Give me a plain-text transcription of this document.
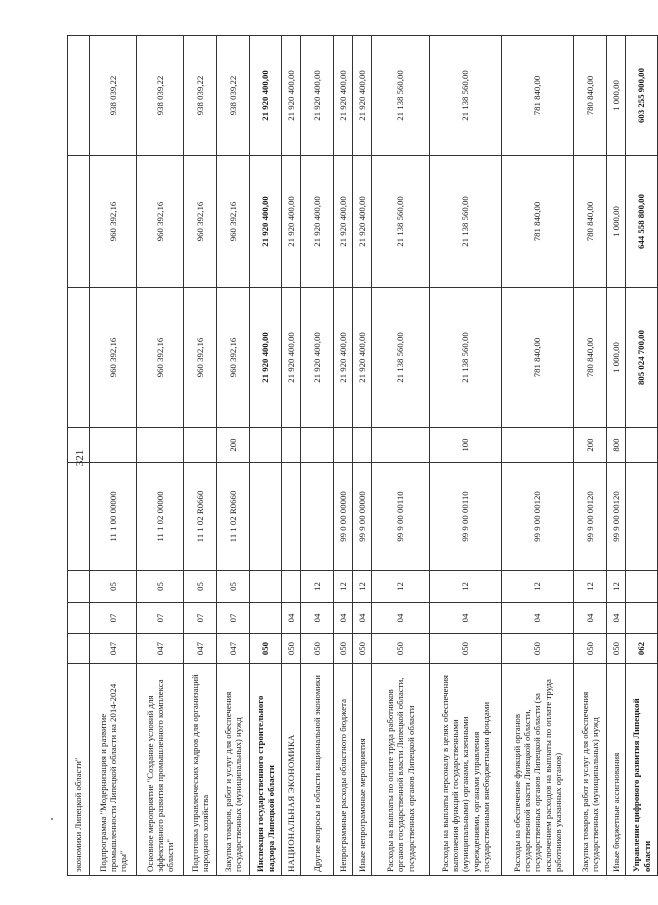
321
экономики Липецкой области"								
Подпрограмма "Модернизация и развитие промышленности Липецкой области на 2014-2024 годы"	047	07	05	11 1 00 00000		960 392,16	960 392,16	938 039,22
Основное мероприятие "Создание условий для эффективного развития промышленного комплекса области"	047	07	05	11 1 02 00000		960 392,16	960 392,16	938 039,22
Подготовка управленческих кадров для организаций народного хозяйства	047	07	05	11 1 02 R0660		960 392,16	960 392,16	938 039,22
Закупка товаров, работ и услуг для обеспечения государственных (муниципальных) нужд	047	07	05	11 1 02 R0660	200	960 392,16	960 392,16	938 039,22
Инспекция государственного строительного надзора Липецкой области	050					21 920 400,00	21 920 400,00	21 920 400,00
НАЦИОНАЛЬНАЯ ЭКОНОМИКА	050	04				21 920 400,00	21 920 400,00	21 920 400,00
Другие вопросы в области национальной экономики	050	04	12			21 920 400,00	21 920 400,00	21 920 400,00
Непрограммные расходы областного бюджета	050	04	12	99 0 00 00000		21 920 400,00	21 920 400,00	21 920 400,00
Иные непрограммные мероприятия	050	04	12	99 9 00 00000		21 920 400,00	21 920 400,00	21 920 400,00
Расходы на выплаты по оплате труда работников органов государственной власти Липецкой области, государственных органов Липецкой области	050	04	12	99 9 00 00110		21 138 560,00	21 138 560,00	21 138 560,00
Расходы на выплаты персоналу в целях обеспечения выполнения функций государственными (муниципальными) органами, казенными учреждениями, органами управления государственными внебюджетными фондами	050	04	12	99 9 00 00110	100	21 138 560,00	21 138 560,00	21 138 560,00
Расходы на обеспечение функций органов государственной власти Липецкой области, государственных органов Липецкой области (за исключением расходов на выплаты по оплате труда работников указанных органов)	050	04	12	99 9 00 00120		781 840,00	781 840,00	781 840,00
Закупка товаров, работ и услуг для обеспечения государственных (муниципальных) нужд	050	04	12	99 9 00 00120	200	780 840,00	780 840,00	780 840,00
Иные бюджетные ассигнования	050	04	12	99 9 00 00120	800	1 000,00	1 000,00	1 000,00
Управление цифрового развития Липецкой области	062					805 024 700,00	644 558 800,00	603 255 900,00
